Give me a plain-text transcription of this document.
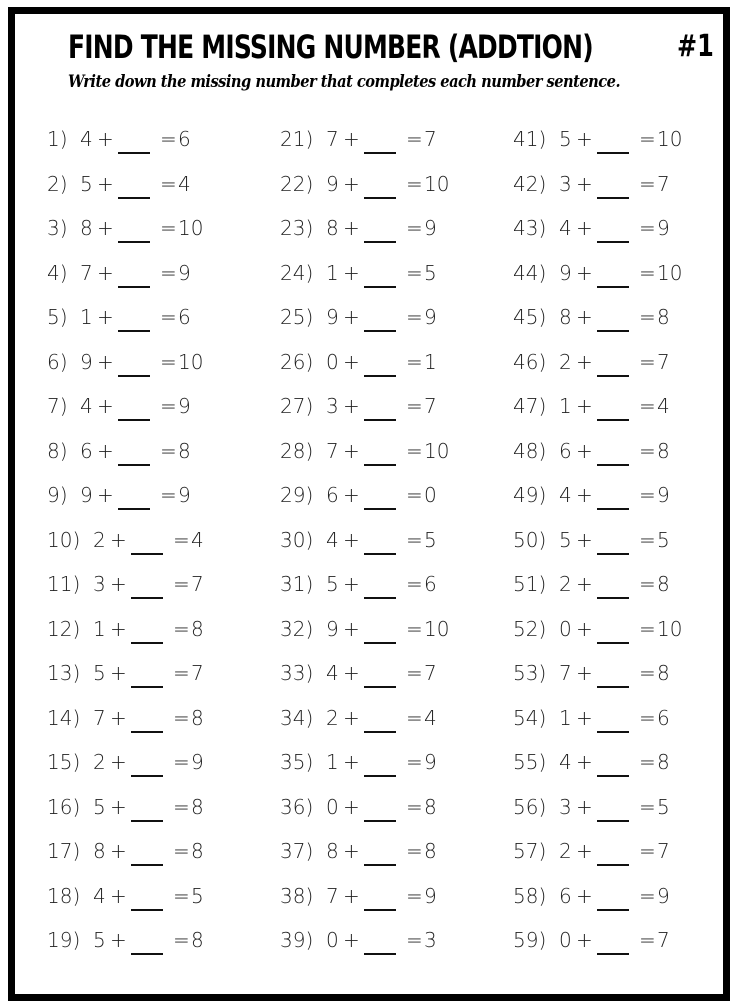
FIND THE MISSING NUMBER (ADDTION)	#1
Write down the missing number that completes each number sentence.
1) 4 + = 6
2) 5 + = 4
3) 8 + = 10
4) 7 + = 9
5) 1 + = 6
6) 9 + = 10
7) 4 + = 9
8) 6 + = 8
9) 9 + = 9
10) 2 + = 4
11) 3 + = 7
12) 1 + = 8
13) 5 + = 7
14) 7 + = 8
15) 2 + = 9
16) 5 + = 8
17) 8 + = 8
18) 4 + = 5
19) 5 + = 8
21) 7 + = 7
22) 9 + = 10
23) 8 + = 9
24) 1 + = 5
25) 9 + = 9
26) 0 + = 1
27) 3 + = 7
28) 7 + = 10
29) 6 + = 0
30) 4 + = 5
31) 5 + = 6
32) 9 + = 10
33) 4 + = 7
34) 2 + = 4
35) 1 + = 9
36) 0 + = 8
37) 8 + = 8
38) 7 + = 9
39) 0 + = 3
41) 5 + = 10
42) 3 + = 7
43) 4 + = 9
44) 9 + = 10
45) 8 + = 8
46) 2 + = 7
47) 1 + = 4
48) 6 + = 8
49) 4 + = 9
50) 5 + = 5
51) 2 + = 8
52) 0 + = 10
53) 7 + = 8
54) 1 + = 6
55) 4 + = 8
56) 3 + = 5
57) 2 + = 7
58) 6 + = 9
59) 0 + = 7
